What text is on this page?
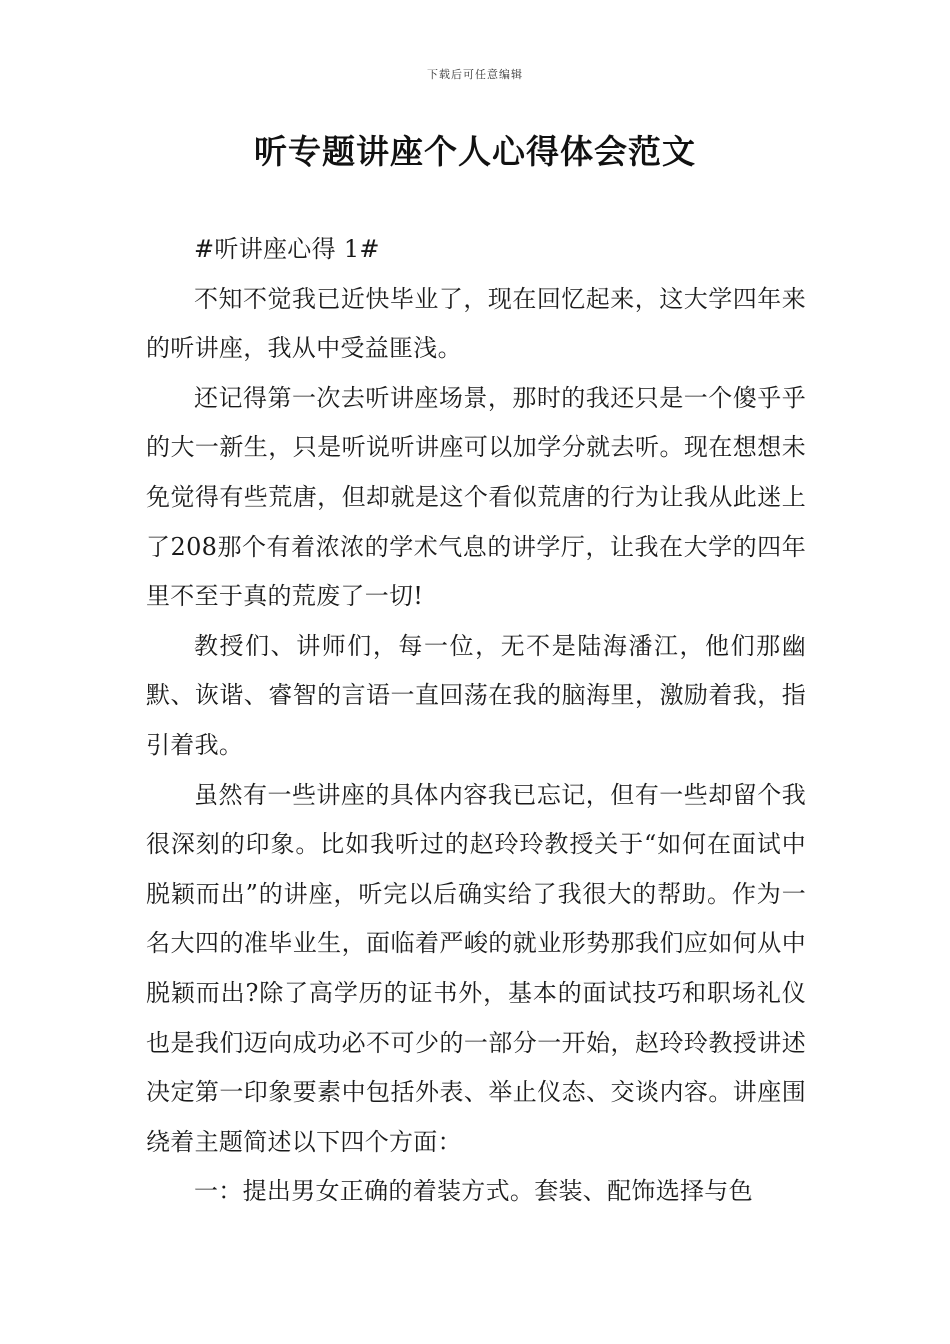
下载后可任意编辑
听专题讲座个人心得体会范文

#听讲座心得 1#

不知不觉我已近快毕业了，现在回忆起来，这大学四年来的听讲座，我从中受益匪浅。

还记得第一次去听讲座场景，那时的我还只是一个傻乎乎的大一新生，只是听说听讲座可以加学分就去听。现在想想未免觉得有些荒唐，但却就是这个看似荒唐的行为让我从此迷上了208那个有着浓浓的学术气息的讲学厅，让我在大学的四年里不至于真的荒废了一切!

教授们、讲师们，每一位，无不是陆海潘江，他们那幽默、诙谐、睿智的言语一直回荡在我的脑海里，激励着我，指引着我。

虽然有一些讲座的具体内容我已忘记，但有一些却留个我很深刻的印象。比如我听过的赵玲玲教授关于“如何在面试中脱颖而出”的讲座，听完以后确实给了我很大的帮助。作为一名大四的准毕业生，面临着严峻的就业形势那我们应如何从中脱颖而出?除了高学历的证书外，基本的面试技巧和职场礼仪也是我们迈向成功必不可少的一部分一开始，赵玲玲教授讲述决定第一印象要素中包括外表、举止仪态、交谈内容。讲座围绕着主题简述以下四个方面：

一：提出男女正确的着装方式。套装、配饰选择与色
